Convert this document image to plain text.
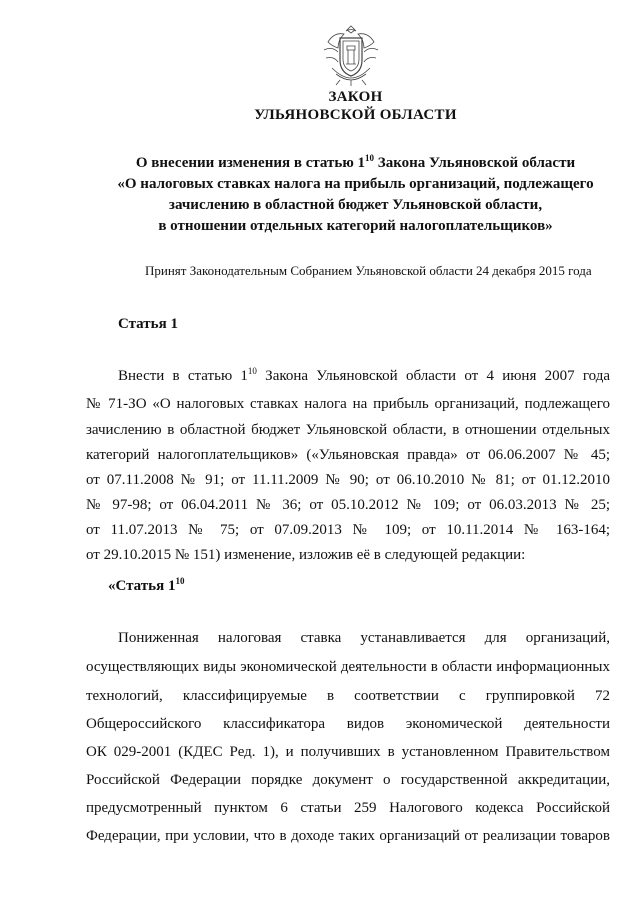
ЗАКОН
УЛЬЯНОВСКОЙ ОБЛАСТИ
О внесении изменения в статью $1^{10}$ Закона Ульяновской области
«О налоговых ставках налога на прибыль организаций, подлежащего
зачислению в областной бюджет Ульяновской области,
в отношении отдельных категорий налогоплательщиков»
Принят Законодательным Собранием Ульяновской области 24 декабря 2015 года
Статья 1
Внести в статью $1^{10}$ Закона Ульяновской области от 4 июня 2007 года
№ 71-ЗО «О налоговых ставках налога на прибыль организаций, подлежащего
зачислению в областной бюджет Ульяновской области, в отношении отдельных
категорий налогоплательщиков» («Ульяновская правда» от 06.06.2007 № 45;
от 07.11.2008 № 91; от 11.11.2009 № 90; от 06.10.2010 № 81; от 01.12.2010
№ 97-98; от 06.04.2011 № 36; от 05.10.2012 № 109; от 06.03.2013 № 25;
от 11.07.2013 № 75; от 07.09.2013 № 109; от 10.11.2014 № 163-164;
от 29.10.2015 № 151) изменение, изложив её в следующей редакции:
«Статья $1^{10}$
Пониженная налоговая ставка устанавливается для организаций,
осуществляющих виды экономической деятельности в области информационных
технологий, классифицируемые в соответствии с группировкой 72
Общероссийского классификатора видов экономической деятельности
ОК 029-2001 (КДЕС Ред. 1), и получивших в установленном Правительством
Российской Федерации порядке документ о государственной аккредитации,
предусмотренный пунктом 6 статьи 259 Налогового кодекса Российской
Федерации, при условии, что в доходе таких организаций от реализации товаров
